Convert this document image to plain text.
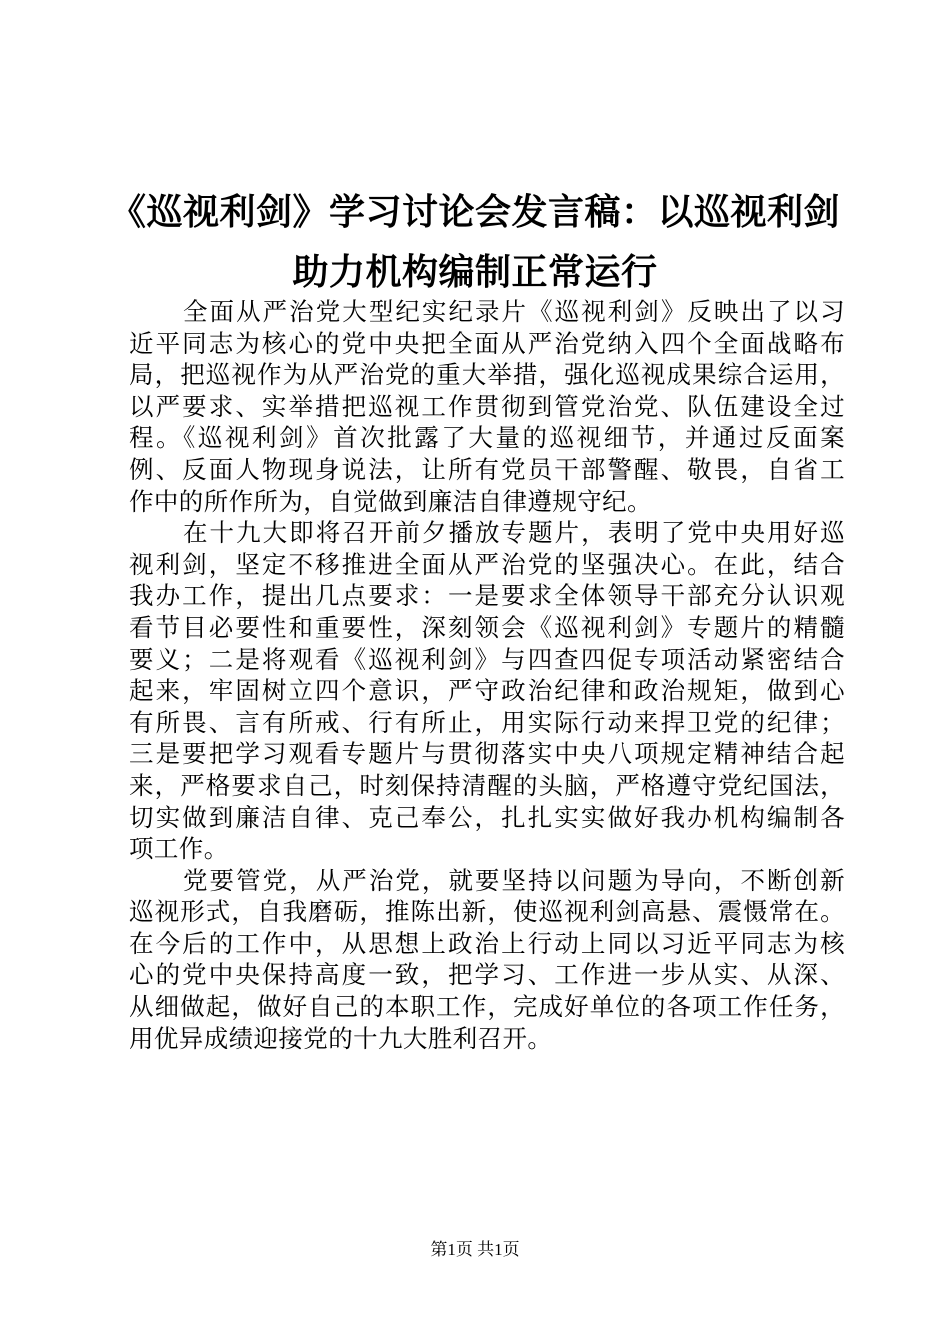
《巡视利剑》学习讨论会发言稿：以巡视利剑
助力机构编制正常运行
全面从严治党大型纪实纪录片《巡视利剑》反映出了以习
近平同志为核心的党中央把全面从严治党纳入四个全面战略布
局，把巡视作为从严治党的重大举措，强化巡视成果综合运用，
以严要求、实举措把巡视工作贯彻到管党治党、队伍建设全过
程。《巡视利剑》首次批露了大量的巡视细节，并通过反面案
例、反面人物现身说法，让所有党员干部警醒、敬畏，自省工
作中的所作所为，自觉做到廉洁自律遵规守纪。
在十九大即将召开前夕播放专题片，表明了党中央用好巡
视利剑，坚定不移推进全面从严治党的坚强决心。在此，结合
我办工作，提出几点要求：一是要求全体领导干部充分认识观
看节目必要性和重要性，深刻领会《巡视利剑》专题片的精髓
要义；二是将观看《巡视利剑》与四查四促专项活动紧密结合
起来，牢固树立四个意识，严守政治纪律和政治规矩，做到心
有所畏、言有所戒、行有所止，用实际行动来捍卫党的纪律；
三是要把学习观看专题片与贯彻落实中央八项规定精神结合起
来，严格要求自己，时刻保持清醒的头脑，严格遵守党纪国法，
切实做到廉洁自律、克己奉公，扎扎实实做好我办机构编制各
项工作。
党要管党，从严治党，就要坚持以问题为导向，不断创新
巡视形式，自我磨砺，推陈出新，使巡视利剑高悬、震慑常在。
在今后的工作中，从思想上政治上行动上同以习近平同志为核
心的党中央保持高度一致，把学习、工作进一步从实、从深、
从细做起，做好自己的本职工作，完成好单位的各项工作任务，
用优异成绩迎接党的十九大胜利召开。
第1页 共1页
